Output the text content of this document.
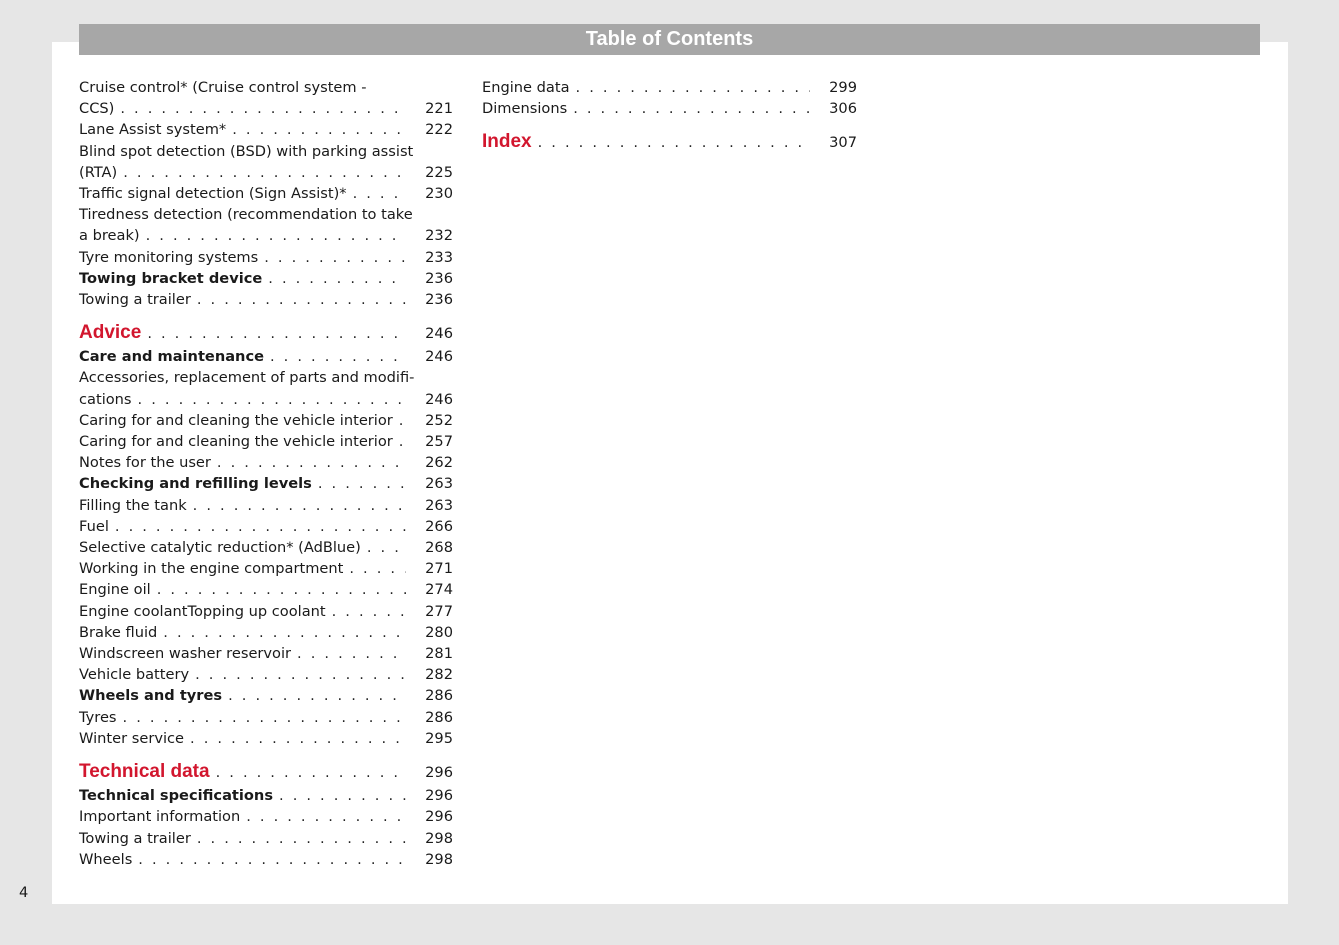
Table of Contents
Cruise control* (Cruise control system -
CCS) . . .	221
Lane Assist system* . . .	222
Blind spot detection (BSD) with parking assist
(RTA) . . .	225
Traffic signal detection (Sign Assist)* . . .	230
Tiredness detection (recommendation to take
a break) . . .	232
Tyre monitoring systems . . .	233
Towing bracket device . . .	236
Towing a trailer . . .	236
Advice . . .	246
Care and maintenance . . .	246
Accessories, replacement of parts and modifi-
cations . . .	246
Caring for and cleaning the vehicle interior . . .	252
Caring for and cleaning the vehicle interior . . .	257
Notes for the user . . .	262
Checking and refilling levels . . .	263
Filling the tank . . .	263
Fuel . . .	266
Selective catalytic reduction* (AdBlue) . . .	268
Working in the engine compartment . . .	271
Engine oil . . .	274
Engine coolantTopping up coolant . . .	277
Brake fluid . . .	280
Windscreen washer reservoir . . .	281
Vehicle battery . . .	282
Wheels and tyres . . .	286
Tyres . . .	286
Winter service . . .	295
Technical data . . .	296
Technical specifications . . .	296
Important information . . .	296
Towing a trailer . . .	298
Wheels . . .	298
Engine data . . .	299
Dimensions . . .	306
Index . . .	307
4
